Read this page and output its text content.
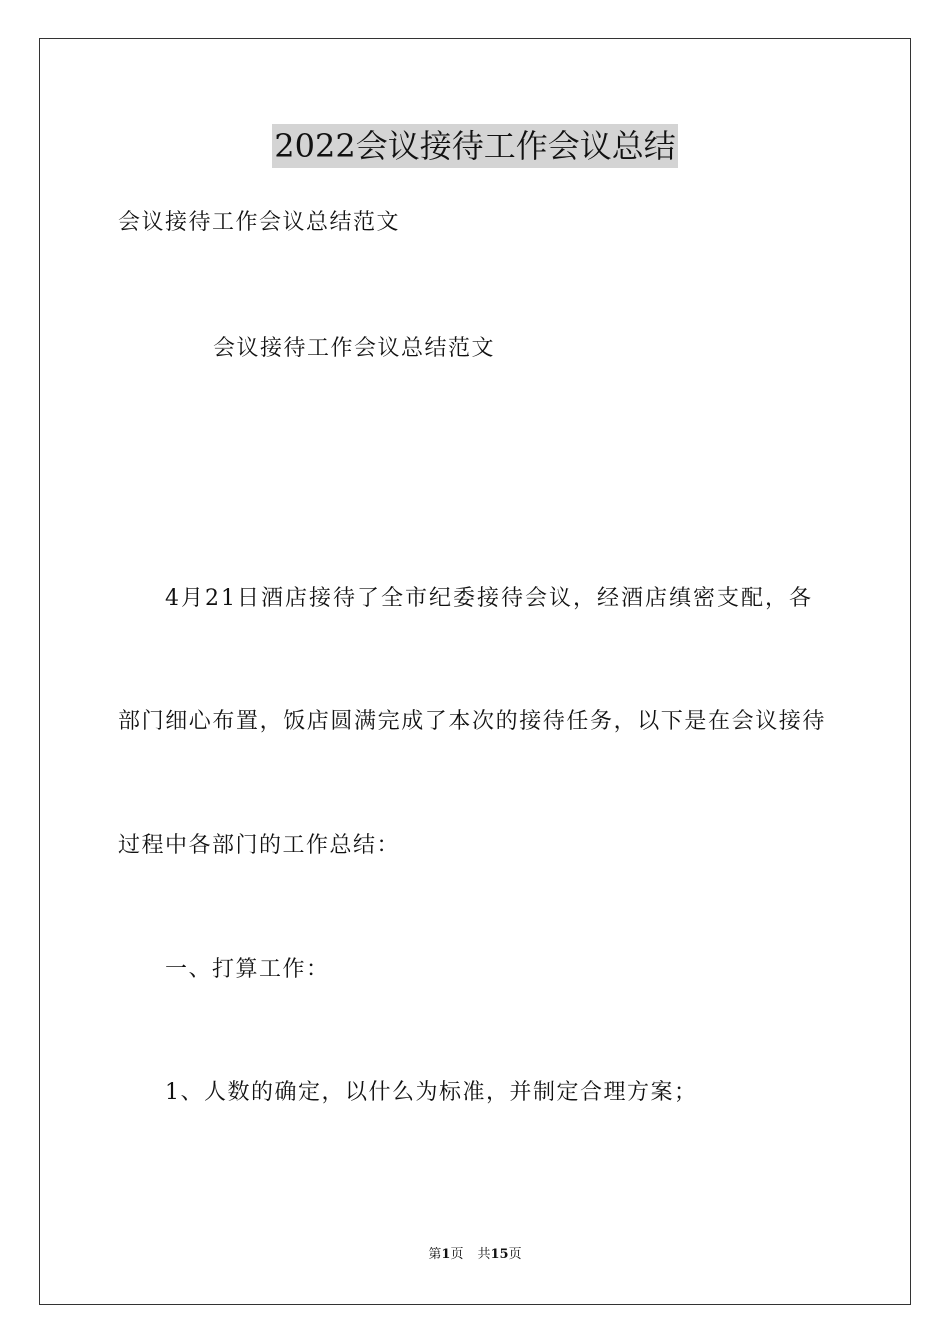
2022会议接待工作会议总结
会议接待工作会议总结范文
会议接待工作会议总结范文
4月21日酒店接待了全市纪委接待会议，经酒店缜密支配，各
部门细心布置，饭店圆满完成了本次的接待任务，以下是在会议接待
过程中各部门的工作总结：
一、打算工作：
1、人数的确定，以什么为标准，并制定合理方案；
第1页 共15页
